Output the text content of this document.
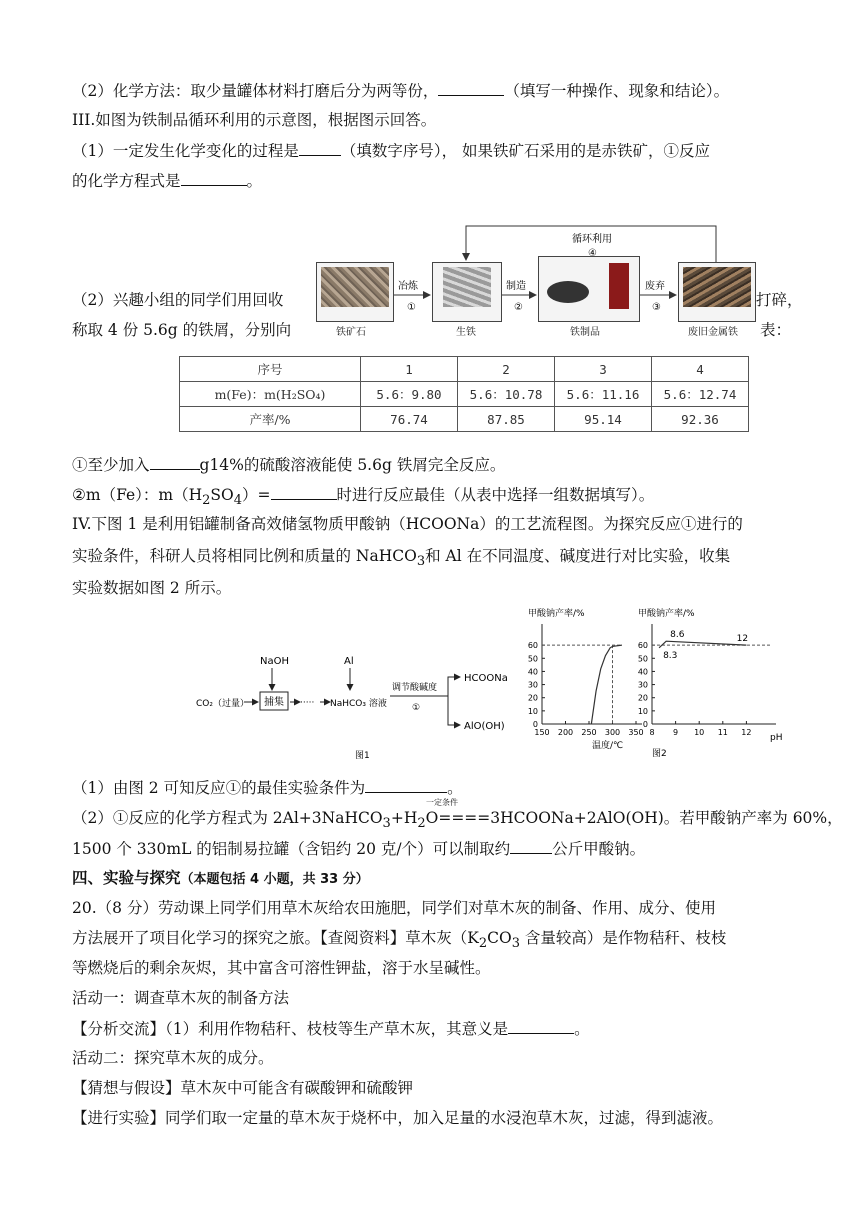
（2）化学方法：取少量罐体材料打磨后分为两等份，	（填写一种操作、现象和结论）。
III.如图为铁制品循环利用的示意图，根据图示回答。
（1）一定发生化学变化的过程是	（填数字序号）， 如果铁矿石采用的是赤铁矿，①反应
的化学方程式是	。
铁矿石	生铁	铁制品	废旧金属铁
冶炼
①
制造
②
废弃
③
循环利用
④
（2）兴趣小组的同学们用回收	打碎，
称取 4 份 5.6g 的铁屑，分别向	表：
序号	1	2	3	4
m(Fe)：m(H₂SO₄)	5.6：9.80	5.6：10.78	5.6：11.16	5.6：12.74
产率/%	76.74	87.85	95.14	92.36
①至少加入	g14%的硫酸溶液能使 5.6g 铁屑完全反应。
②m（Fe）：$m(H_2SO_4)=$	时进行反应最佳（从表中选择一组数据填写）。
IV.下图 1 是利用铝罐制备高效储氢物质甲酸钠（HCOONa）的工艺流程图。为探究反应①进行的
实验条件，科研人员将相同比例和质量的 NaHCO$_3$和 Al 在不同温度、碱度进行对比实验，收集
实验数据如图 2 所示。
NaOH
CO₂（过量） 捕集 ·····
Al
NaHCO₃ 溶液
调节酸碱度
①
HCOONa
AlO(OH)
图1
甲酸钠产率/%
0
10
20
30
40
50
60
150 200 250 300 350
温度/℃
甲酸钠产率/%
0
10
20
30
40
50
60
8 9 10 11 12
8.3
8.6	12
pH
图2
（1）由图 2 可知反应①的最佳实验条件为	。
一定条件
（2）①反应的化学方程式为 $2Al+3NaHCO_3+H_2O====3HCOONa+2AlO(OH)$。若甲酸钠产率为 60%，
1500 个 330mL 的铝制易拉罐（含铝约 20 克/个）可以制取约	公斤甲酸钠。
四、实验与探究（本题包括 4 小题，共 33 分）
20.（8 分）劳动课上同学们用草木灰给农田施肥，同学们对草木灰的制备、作用、成分、使用
方法展开了项目化学习的探究之旅。【查阅资料】草木灰（$K_2CO_3$ 含量较高）是作物秸秆、枝枝
等燃烧后的剩余灰烬，其中富含可溶性钾盐，溶于水呈碱性。
活动一：调查草木灰的制备方法
【分析交流】（1）利用作物秸秆、枝枝等生产草木灰，其意义是	。
活动二：探究草木灰的成分。
【猜想与假设】草木灰中可能含有碳酸钾和硫酸钾
【进行实验】同学们取一定量的草木灰于烧杯中，加入足量的水浸泡草木灰，过滤，得到滤液。
